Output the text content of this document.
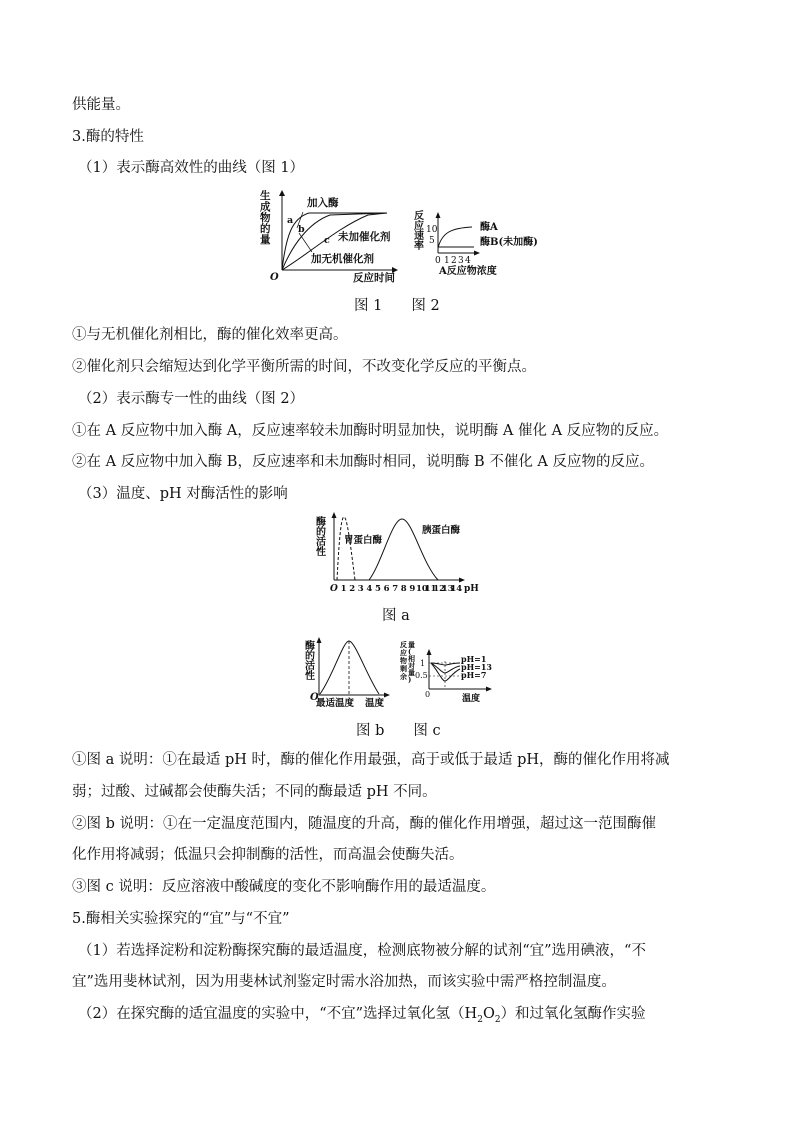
供能量。
3.酶的特性
（1）表示酶高效性的曲线（图 1）
生
成
物
的
量
O
加入酶
a
b
c 未加催化剂
加无机催化剂
反应时间
反
应
速
率
10
5
0 1 2 3 4
酶A
酶B(未加酶)
A反应物浓度
图 1　　图 2
①与无机催化剂相比，酶的催化效率更高。
②催化剂只会缩短达到化学平衡所需的时间，不改变化学反应的平衡点。
（2）表示酶专一性的曲线（图 2）
①在 A 反应物中加入酶 A，反应速率较未加酶时明显加快，说明酶 A 催化 A 反应物的反应。
②在 A 反应物中加入酶 B，反应速率和未加酶时相同，说明酶 B 不催化 A 反应物的反应。
（3）温度、pH 对酶活性的影响
酶
的
活
性
O 1 2 3 4 5 6 7 8 9 10
11
12
13
14 pH
胃蛋白酶
胰蛋白酶
图 a
酶
的
活
性
O
最适温度 温度
反
应
物
剩
余
量
(
相
对
量
)
1
0.5
0
pH=1
pH=13
pH=7
温度
图 b　　图 c
①图 a 说明：①在最适 pH 时，酶的催化作用最强，高于或低于最适 pH，酶的催化作用将减
弱；过酸、过碱都会使酶失活；不同的酶最适 pH 不同。
②图 b 说明：①在一定温度范围内，随温度的升高，酶的催化作用增强，超过这一范围酶催
化作用将减弱；低温只会抑制酶的活性，而高温会使酶失活。
③图 c 说明：反应溶液中酸碱度的变化不影响酶作用的最适温度。
5.酶相关实验探究的“宜”与“不宜”
（1）若选择淀粉和淀粉酶探究酶的最适温度，检测底物被分解的试剂“宜”选用碘液，“不
宜”选用斐林试剂，因为用斐林试剂鉴定时需水浴加热，而该实验中需严格控制温度。
（2）在探究酶的适宜温度的实验中，“不宜”选择过氧化氢$(H_2O_2)$和过氧化氢酶作实验
